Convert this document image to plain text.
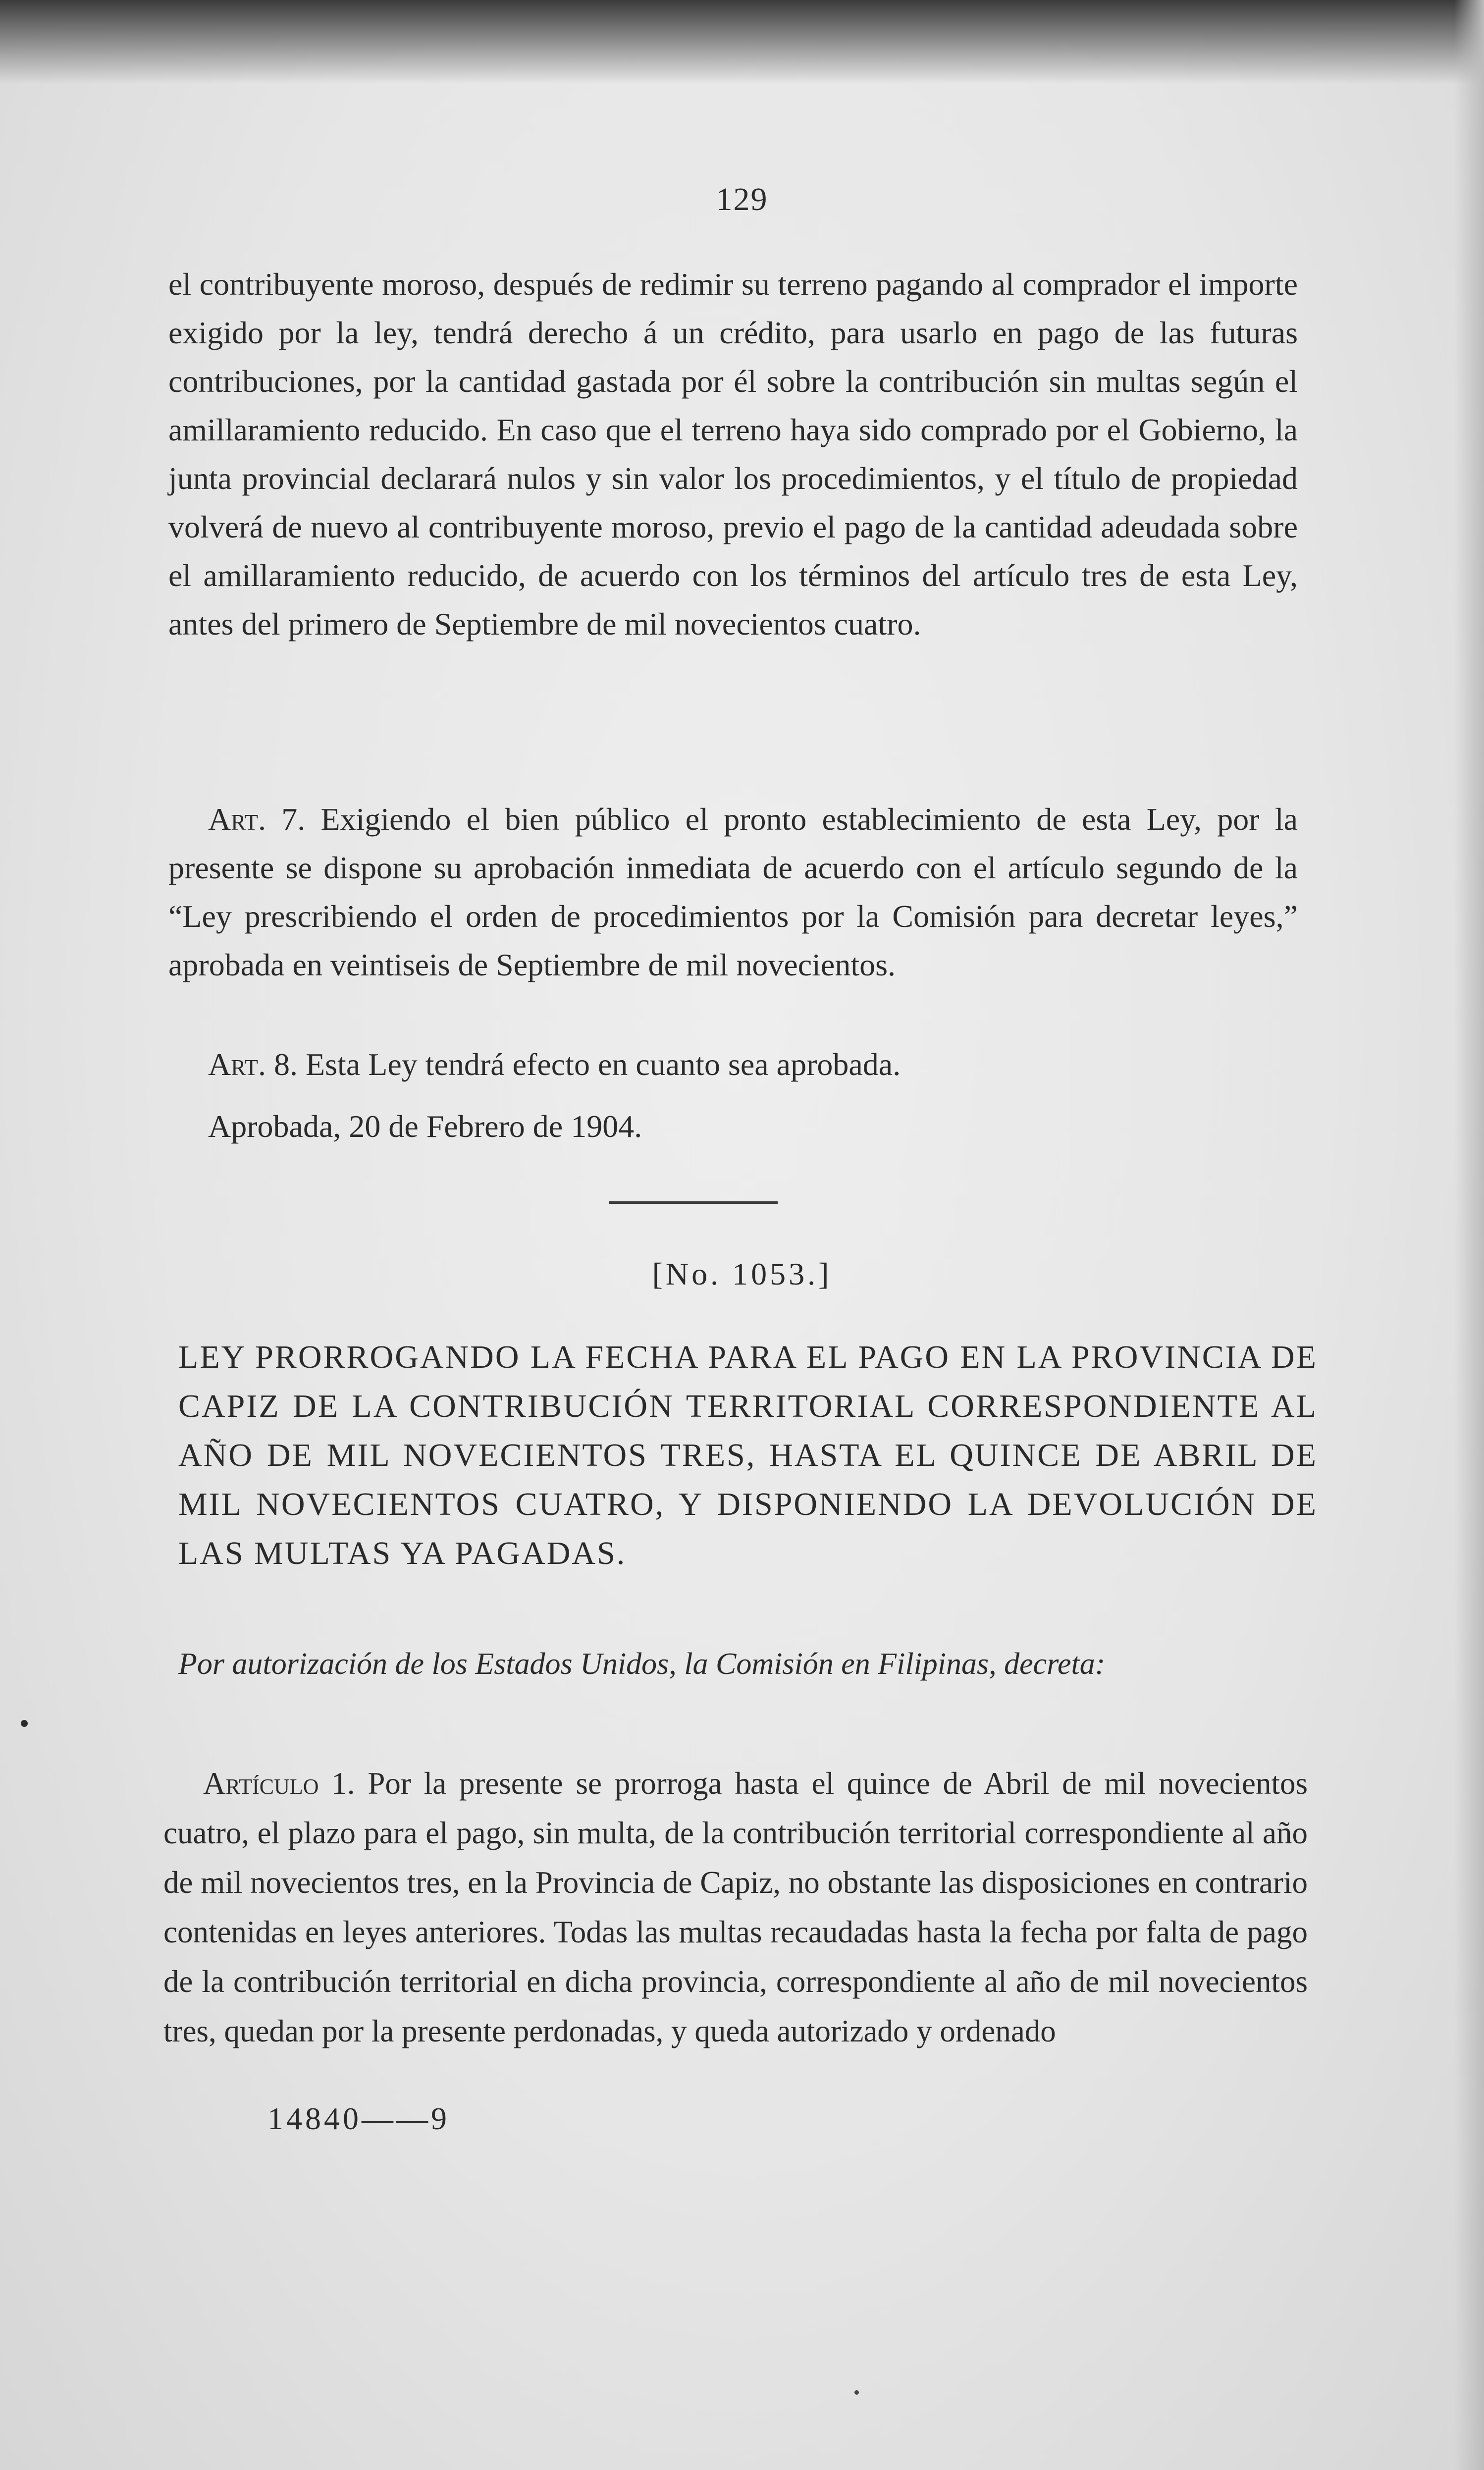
129

el contribuyente moroso, después de redimir su terreno pagando al comprador el importe exigido por la ley, tendrá derecho á un crédito, para usarlo en pago de las futuras contribuciones, por la cantidad gastada por él sobre la contribución sin multas según el amillaramiento reducido. En caso que el terreno haya sido comprado por el Gobierno, la junta provincial declarará nulos y sin valor los procedimientos, y el título de propiedad volverá de nuevo al contribuyente moroso, previo el pago de la cantidad adeudada sobre el amillaramiento reducido, de acuerdo con los términos del artículo tres de esta Ley, antes del primero de Septiembre de mil novecientos cuatro.

Art. 7. Exigiendo el bien público el pronto establecimiento de esta Ley, por la presente se dispone su aprobación inmediata de acuerdo con el artículo segundo de la “Ley prescribiendo el orden de procedimientos por la Comisión para decretar leyes,” aprobada en veintiseis de Septiembre de mil novecientos.

Art. 8. Esta Ley tendrá efecto en cuanto sea aprobada.

Aprobada, 20 de Febrero de 1904.

[No. 1053.]

LEY PRORROGANDO LA FECHA PARA EL PAGO EN LA PROVINCIA DE CAPIZ DE LA CONTRIBUCIÓN TERRITORIAL CORRESPONDIENTE AL AÑO DE MIL NOVECIENTOS TRES, HASTA EL QUINCE DE ABRIL DE MIL NOVECIENTOS CUATRO, Y DISPONIENDO LA DEVOLUCIÓN DE LAS MULTAS YA PAGADAS.

Por autorización de los Estados Unidos, la Comisión en Filipinas, decreta:

Artículo 1. Por la presente se prorroga hasta el quince de Abril de mil novecientos cuatro, el plazo para el pago, sin multa, de la contribución territorial correspondiente al año de mil novecientos tres, en la Provincia de Capiz, no obstante las disposiciones en contrario contenidas en leyes anteriores. Todas las multas recaudadas hasta la fecha por falta de pago de la contribución territorial en dicha provincia, correspondiente al año de mil novecientos tres, quedan por la presente perdonadas, y queda autorizado y ordenado

14840——9
